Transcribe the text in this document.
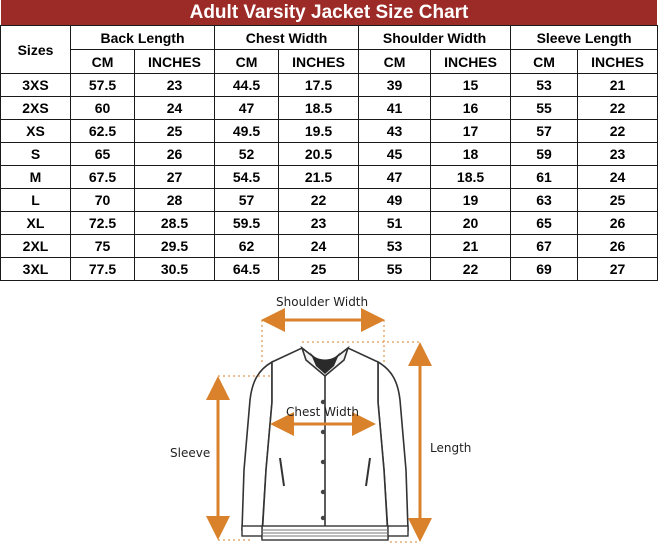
Adult Varsity Jacket Size Chart
Sizes	Back Length		Chest Width		Shoulder Width		Sleeve Length	
	CM	INCHES	CM	INCHES	CM	INCHES	CM	INCHES
3XS	57.5	23	44.5	17.5	39	15	53	21
2XS	60	24	47	18.5	41	16	55	22
XS	62.5	25	49.5	19.5	43	17	57	22
S	65	26	52	20.5	45	18	59	23
M	67.5	27	54.5	21.5	47	18.5	61	24
L	70	28	57	22	49	19	63	25
XL	72.5	28.5	59.5	23	51	20	65	26
2XL	75	29.5	62	24	53	21	67	26
3XL	77.5	30.5	64.5	25	55	22	69	27
Shoulder Width
Chest Width
Sleeve	Length
